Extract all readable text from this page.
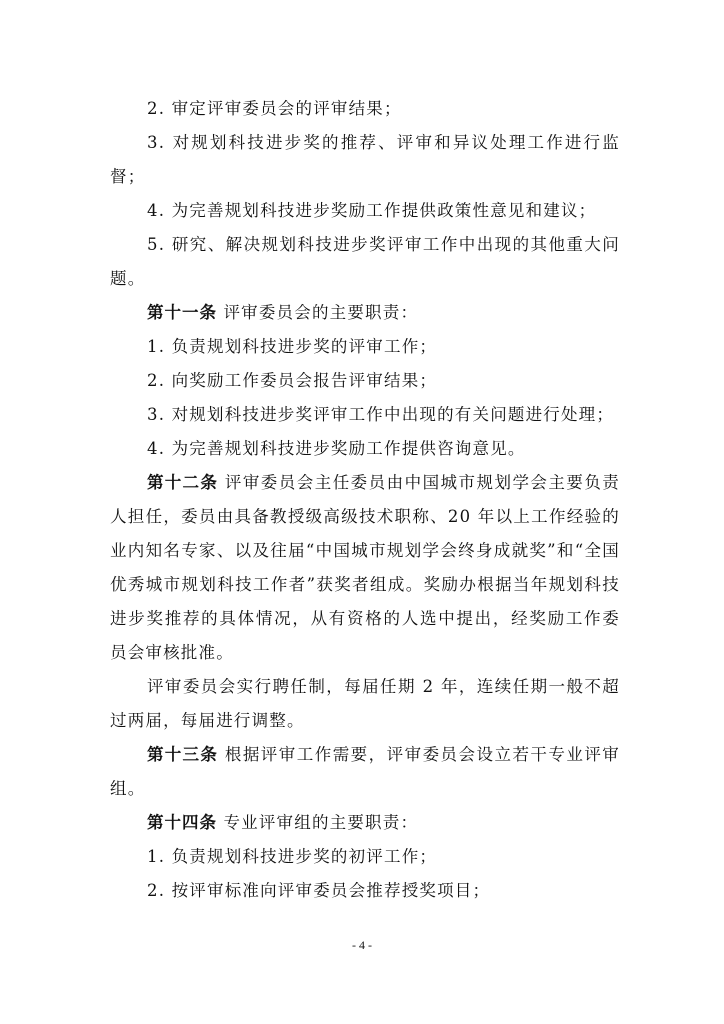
2. 审定评审委员会的评审结果；

3. 对规划科技进步奖的推荐、评审和异议处理工作进行监督；

4. 为完善规划科技进步奖励工作提供政策性意见和建议；

5. 研究、解决规划科技进步奖评审工作中出现的其他重大问题。

第十一条 评审委员会的主要职责：

1. 负责规划科技进步奖的评审工作；

2. 向奖励工作委员会报告评审结果；

3. 对规划科技进步奖评审工作中出现的有关问题进行处理；

4. 为完善规划科技进步奖励工作提供咨询意见。

第十二条 评审委员会主任委员由中国城市规划学会主要负责人担任，委员由具备教授级高级技术职称、20 年以上工作经验的业内知名专家、以及往届“中国城市规划学会终身成就奖”和“全国优秀城市规划科技工作者”获奖者组成。奖励办根据当年规划科技进步奖推荐的具体情况，从有资格的人选中提出，经奖励工作委员会审核批准。

评审委员会实行聘任制，每届任期 2 年，连续任期一般不超过两届，每届进行调整。

第十三条 根据评审工作需要，评审委员会设立若干专业评审组。

第十四条 专业评审组的主要职责：

1. 负责规划科技进步奖的初评工作；

2. 按评审标准向评审委员会推荐授奖项目；

- 4 -
